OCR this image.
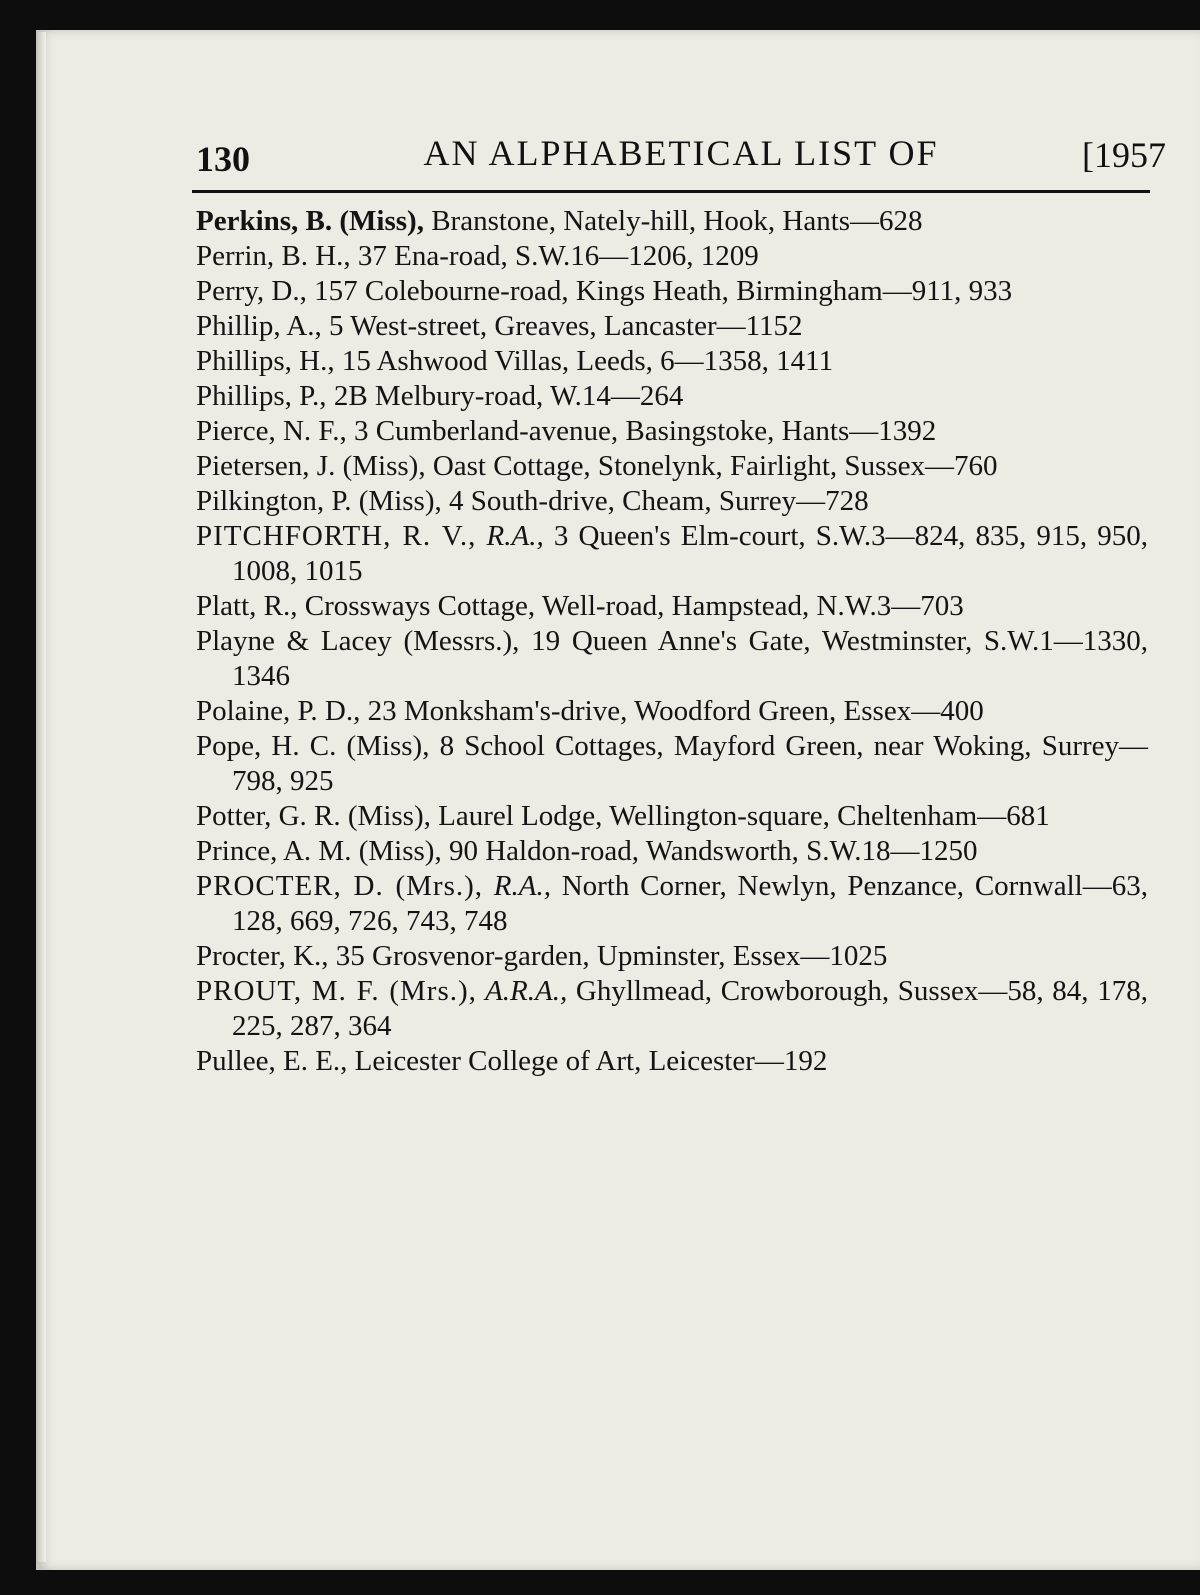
130	AN ALPHABETICAL LIST OF	[1957
Perkins, B. (Miss), Branstone, Nately-hill, Hook, Hants—628
Perrin, B. H., 37 Ena-road, S.W.16—1206, 1209
Perry, D., 157 Colebourne-road, Kings Heath, Birmingham—911, 933
Phillip, A., 5 West-street, Greaves, Lancaster—1152
Phillips, H., 15 Ashwood Villas, Leeds, 6—1358, 1411
Phillips, P., 2B Melbury-road, W.14—264
Pierce, N. F., 3 Cumberland-avenue, Basingstoke, Hants—1392
Pietersen, J. (Miss), Oast Cottage, Stonelynk, Fairlight, Sussex—760
Pilkington, P. (Miss), 4 South-drive, Cheam, Surrey—728
PITCHFORTH, R. V., R.A., 3 Queen's Elm-court, S.W.3—824, 835, 915, 950, 1008, 1015
Platt, R., Crossways Cottage, Well-road, Hampstead, N.W.3—703
Playne & Lacey (Messrs.), 19 Queen Anne's Gate, Westminster, S.W.1—1330, 1346
Polaine, P. D., 23 Monksham's-drive, Woodford Green, Essex—400
Pope, H. C. (Miss), 8 School Cottages, Mayford Green, near Woking, Surrey—798, 925
Potter, G. R. (Miss), Laurel Lodge, Wellington-square, Cheltenham—681
Prince, A. M. (Miss), 90 Haldon-road, Wandsworth, S.W.18—1250
PROCTER, D. (Mrs.), R.A., North Corner, Newlyn, Penzance, Cornwall—63, 128, 669, 726, 743, 748
Procter, K., 35 Grosvenor-garden, Upminster, Essex—1025
PROUT, M. F. (Mrs.), A.R.A., Ghyllmead, Crowborough, Sussex—58, 84, 178, 225, 287, 364
Pullee, E. E., Leicester College of Art, Leicester—192
